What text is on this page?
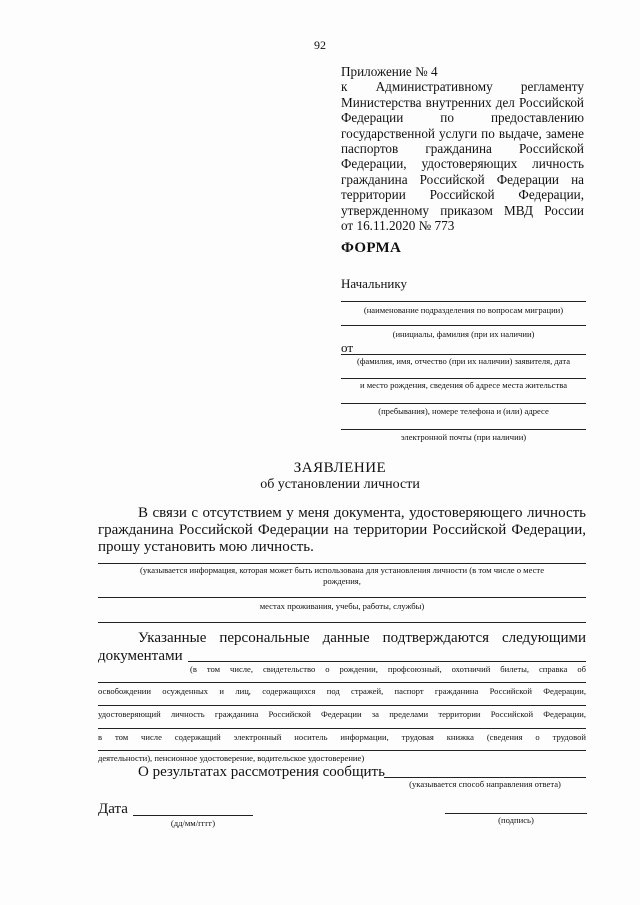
92
Приложение № 4
к Административному регламенту
Министерства внутренних дел Российской
Федерации по предоставлению
государственной услуги по выдаче, замене
паспортов гражданина Российской
Федерации, удостоверяющих личность
гражданина Российской Федерации на
территории Российской Федерации,
утвержденному приказом МВД России
от 16.11.2020 № 773
ФОРМА
Начальнику
(наименование подразделения по вопросам миграции)
(инициалы, фамилия (при их наличии)
от
(фамилия, имя, отчество (при их наличии) заявителя, дата
и место рождения, сведения об адресе места жительства
(пребывания), номере телефона и (или) адресе
электронной почты (при наличии)
ЗАЯВЛЕНИЕ
об установлении личности
В связи с отсутствием у меня документа, удостоверяющего личность
гражданина Российской Федерации на территории Российской Федерации,
прошу установить мою личность.
(указывается информация, которая может быть использована для установления личности (в том числе о месте
рождения,
местах проживания, учебы, работы, службы)
Указанные персональные данные подтверждаются следующими
документами
(в том числе, свидетельство о рождении, профсоюзный, охотничий билеты, справка об
освобождении осужденных и лиц, содержащихся под стражей, паспорт гражданина Российской Федерации,
удостоверяющий личность гражданина Российской Федерации за пределами территории Российской Федерации,
в том числе содержащий электронный носитель информации, трудовая книжка (сведения о трудовой
деятельности), пенсионное удостоверение, водительское удостоверение)
О результатах рассмотрения сообщить
(указывается способ направления ответа)
Дата
(дд/мм/гггг)	(подпись)
